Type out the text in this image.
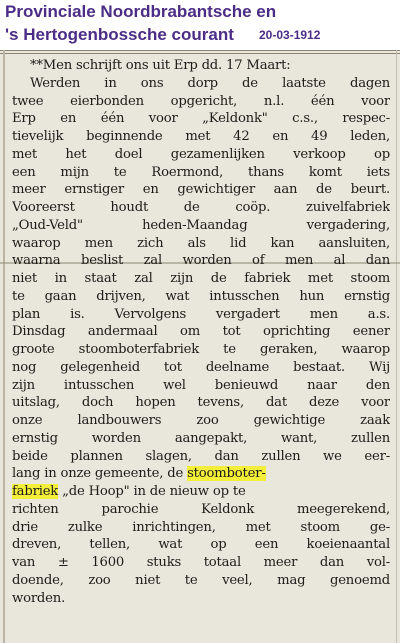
Provinciale Noordbrabantsche en
's Hertogenbossche courant 20-03-1912
**Men schrijft ons uit Erp dd. 17 Maart:
Werden in ons dorp de laatste dagen
twee eierbonden opgericht, n.l. één voor
Erp en één voor „Keldonk" c.s., respec-
tievelijk beginnende met 42 en 49 leden,
met het doel gezamenlijken verkoop op
een mijn te Roermond, thans komt iets
meer ernstiger en gewichtiger aan de beurt.
Vooreerst houdt de coöp. zuivelfabriek
„Oud-Veld" heden-Maandag vergadering,
waarop men zich als lid kan aansluiten,
waarna beslist zal worden of men al dan
niet in staat zal zijn de fabriek met stoom
te gaan drijven, wat intusschen hun ernstig
plan is. Vervolgens vergadert men a.s.
Dinsdag andermaal om tot oprichting eener
groote stoomboterfabriek te geraken, waarop
nog gelegenheid tot deelname bestaat. Wij
zijn intusschen wel benieuwd naar den
uitslag, doch hopen tevens, dat deze voor
onze landbouwers zoo gewichtige zaak
ernstig worden aangepakt, want, zullen
beide plannen slagen, dan zullen we eer-
lang in onze gemeente, de stoomboter-
fabriek „de Hoop" in de nieuw op te
richten parochie Keldonk meegerekend,
drie zulke inrichtingen, met stoom ge-
dreven, tellen, wat op een koeienaantal
van ± 1600 stuks totaal meer dan vol-
doende, zoo niet te veel, mag genoemd
worden.
